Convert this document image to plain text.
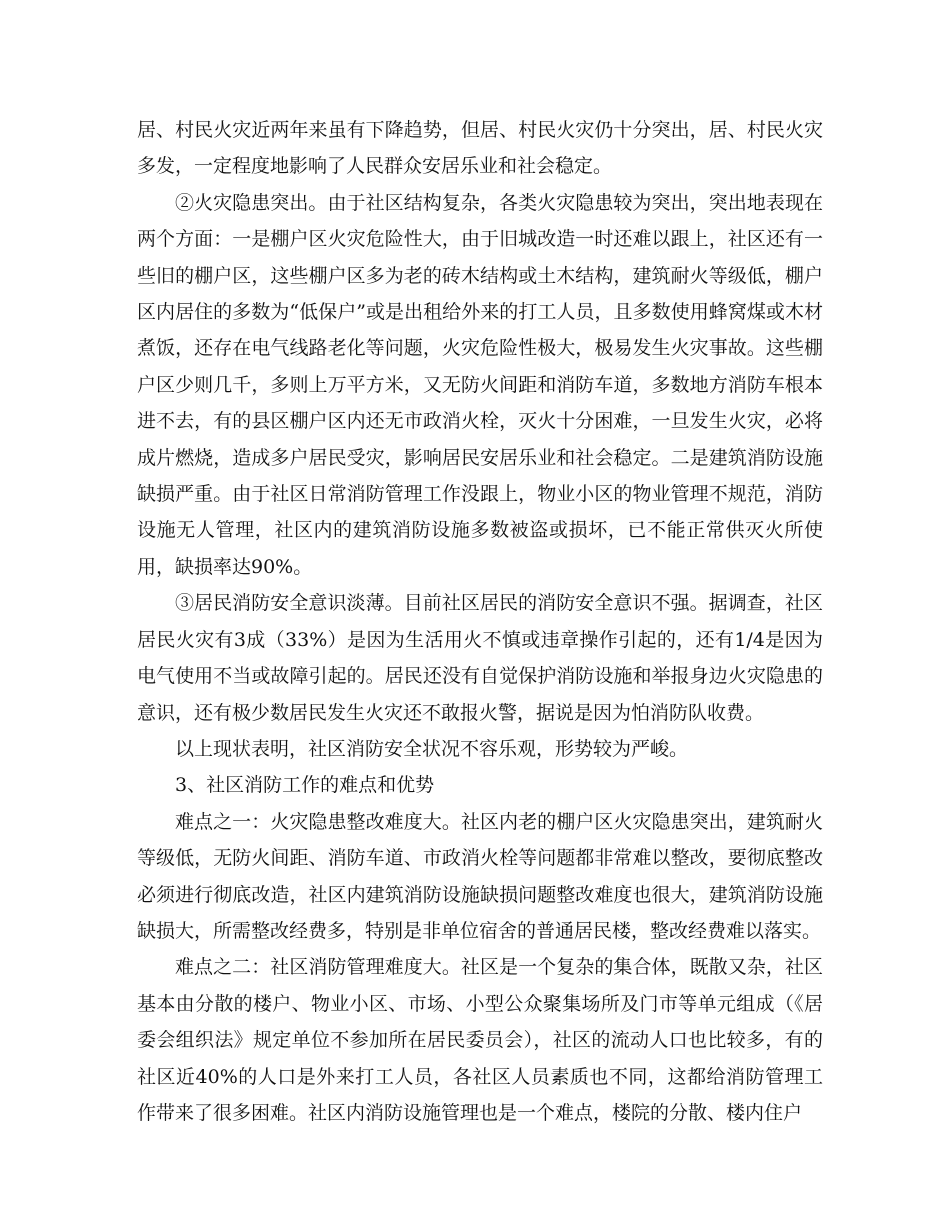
居、村民火灾近两年来虽有下降趋势，但居、村民火灾仍十分突出，居、村民火灾多发，一定程度地影响了人民群众安居乐业和社会稳定。

②火灾隐患突出。由于社区结构复杂，各类火灾隐患较为突出，突出地表现在两个方面：一是棚户区火灾危险性大，由于旧城改造一时还难以跟上，社区还有一些旧的棚户区，这些棚户区多为老的砖木结构或土木结构，建筑耐火等级低，棚户区内居住的多数为“低保户”或是出租给外来的打工人员，且多数使用蜂窝煤或木材煮饭，还存在电气线路老化等问题，火灾危险性极大，极易发生火灾事故。这些棚户区少则几千，多则上万平方米，又无防火间距和消防车道，多数地方消防车根本进不去，有的县区棚户区内还无市政消火栓，灭火十分困难，一旦发生火灾，必将成片燃烧，造成多户居民受灾，影响居民安居乐业和社会稳定。二是建筑消防设施缺损严重。由于社区日常消防管理工作没跟上，物业小区的物业管理不规范，消防设施无人管理，社区内的建筑消防设施多数被盗或损坏，已不能正常供灭火所使用，缺损率达90%。

③居民消防安全意识淡薄。目前社区居民的消防安全意识不强。据调查，社区居民火灾有3成（33%）是因为生活用火不慎或违章操作引起的，还有1/4是因为电气使用不当或故障引起的。居民还没有自觉保护消防设施和举报身边火灾隐患的意识，还有极少数居民发生火灾还不敢报火警，据说是因为怕消防队收费。

以上现状表明，社区消防安全状况不容乐观，形势较为严峻。

3、社区消防工作的难点和优势

难点之一：火灾隐患整改难度大。社区内老的棚户区火灾隐患突出，建筑耐火等级低，无防火间距、消防车道、市政消火栓等问题都非常难以整改，要彻底整改必须进行彻底改造，社区内建筑消防设施缺损问题整改难度也很大，建筑消防设施缺损大，所需整改经费多，特别是非单位宿舍的普通居民楼，整改经费难以落实。

难点之二：社区消防管理难度大。社区是一个复杂的集合体，既散又杂，社区基本由分散的楼户、物业小区、市场、小型公众聚集场所及门市等单元组成（《居委会组织法》规定单位不参加所在居民委员会），社区的流动人口也比较多，有的社区近40%的人口是外来打工人员，各社区人员素质也不同，这都给消防管理工作带来了很多困难。社区内消防设施管理也是一个难点，楼院的分散、楼内住户
